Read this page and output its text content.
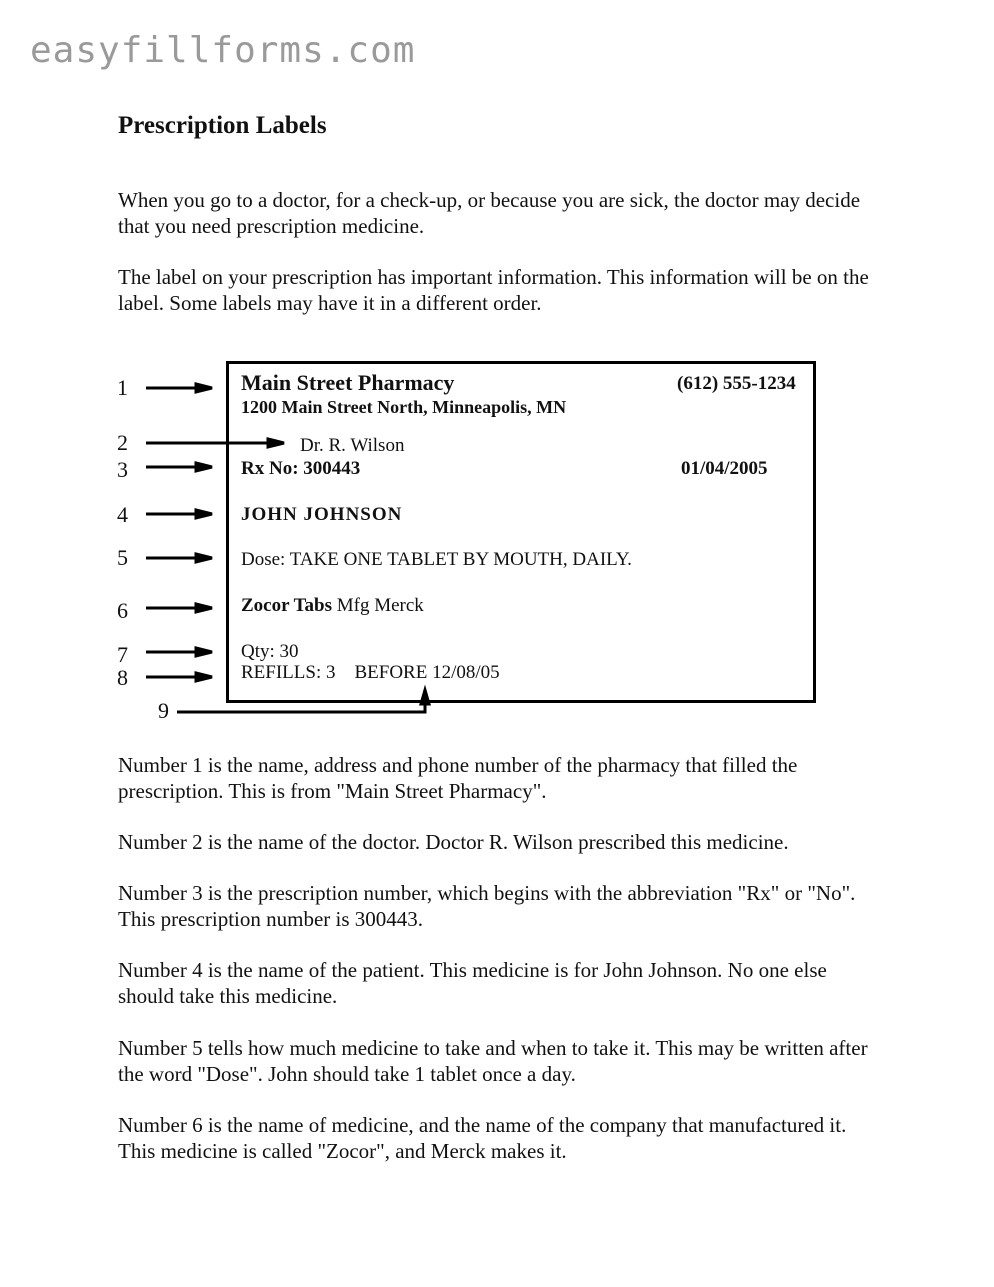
easyfillforms.com
Prescription Labels
When you go to a doctor, for a check-up, or because you are sick, the doctor may decide that you need prescription medicine.
The label on your prescription has important information. This information will be on the label. Some labels may have it in a different order.
1
2
3
4
5
6
7
8
9
Main Street Pharmacy	(612) 555-1234
1200 Main Street North, Minneapolis, MN
Dr. R. Wilson
Rx No: 300443	01/04/2005
JOHN JOHNSON
Dose: TAKE ONE TABLET BY MOUTH, DAILY.
Zocor Tabs Mfg Merck
Qty: 30
REFILLS: 3    BEFORE 12/08/05
Number 1 is the name, address and phone number of the pharmacy that filled the prescription. This is from "Main Street Pharmacy".
Number 2 is the name of the doctor. Doctor R. Wilson prescribed this medicine.
Number 3 is the prescription number, which begins with the abbreviation "Rx" or "No". This prescription number is 300443.
Number 4 is the name of the patient. This medicine is for John Johnson. No one else should take this medicine.
Number 5 tells how much medicine to take and when to take it. This may be written after the word "Dose". John should take 1 tablet once a day.
Number 6 is the name of medicine, and the name of the company that manufactured it. This medicine is called "Zocor", and Merck makes it.
